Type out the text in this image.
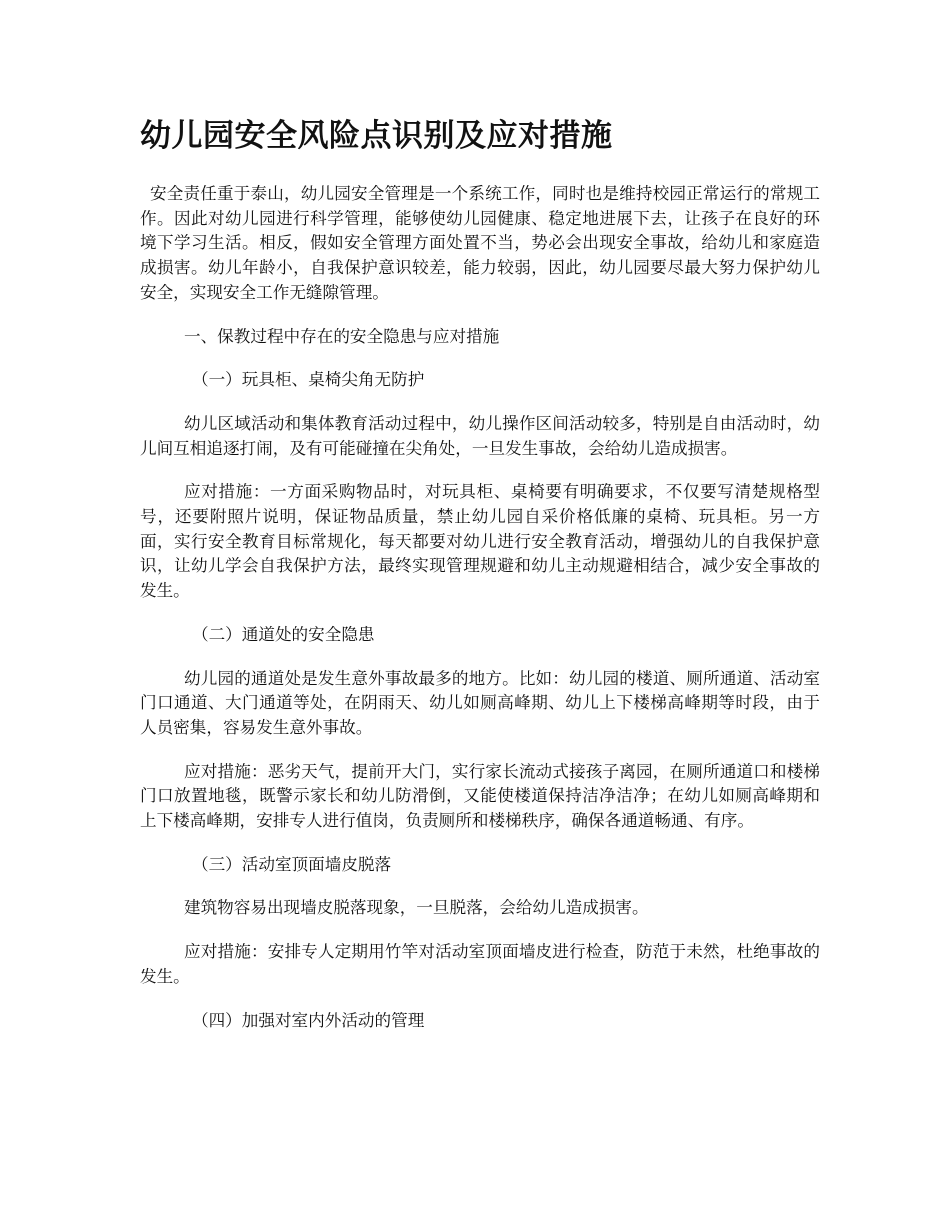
幼儿园安全风险点识别及应对措施

安全责任重于泰山，幼儿园安全管理是一个系统工作，同时也是维持校园正常运行的常规工作。因此对幼儿园进行科学管理，能够使幼儿园健康、稳定地进展下去，让孩子在良好的环境下学习生活。相反，假如安全管理方面处置不当，势必会出现安全事故，给幼儿和家庭造成损害。幼儿年龄小，自我保护意识较差，能力较弱，因此，幼儿园要尽最大努力保护幼儿安全，实现安全工作无缝隙管理。

一、保教过程中存在的安全隐患与应对措施

（一）玩具柜、桌椅尖角无防护

幼儿区域活动和集体教育活动过程中，幼儿操作区间活动较多，特别是自由活动时，幼儿间互相追逐打闹，及有可能碰撞在尖角处，一旦发生事故，会给幼儿造成损害。

应对措施：一方面采购物品时，对玩具柜、桌椅要有明确要求，不仅要写清楚规格型号，还要附照片说明，保证物品质量，禁止幼儿园自采价格低廉的桌椅、玩具柜。另一方面，实行安全教育目标常规化，每天都要对幼儿进行安全教育活动，增强幼儿的自我保护意识，让幼儿学会自我保护方法，最终实现管理规避和幼儿主动规避相结合，减少安全事故的发生。

（二）通道处的安全隐患

幼儿园的通道处是发生意外事故最多的地方。比如：幼儿园的楼道、厕所通道、活动室门口通道、大门通道等处，在阴雨天、幼儿如厕高峰期、幼儿上下楼梯高峰期等时段，由于人员密集，容易发生意外事故。

应对措施：恶劣天气，提前开大门，实行家长流动式接孩子离园，在厕所通道口和楼梯门口放置地毯，既警示家长和幼儿防滑倒，又能使楼道保持洁净洁净；在幼儿如厕高峰期和上下楼高峰期，安排专人进行值岗，负责厕所和楼梯秩序，确保各通道畅通、有序。

（三）活动室顶面墙皮脱落

建筑物容易出现墙皮脱落现象，一旦脱落，会给幼儿造成损害。

应对措施：安排专人定期用竹竿对活动室顶面墙皮进行检查，防范于未然，杜绝事故的发生。

（四）加强对室内外活动的管理
